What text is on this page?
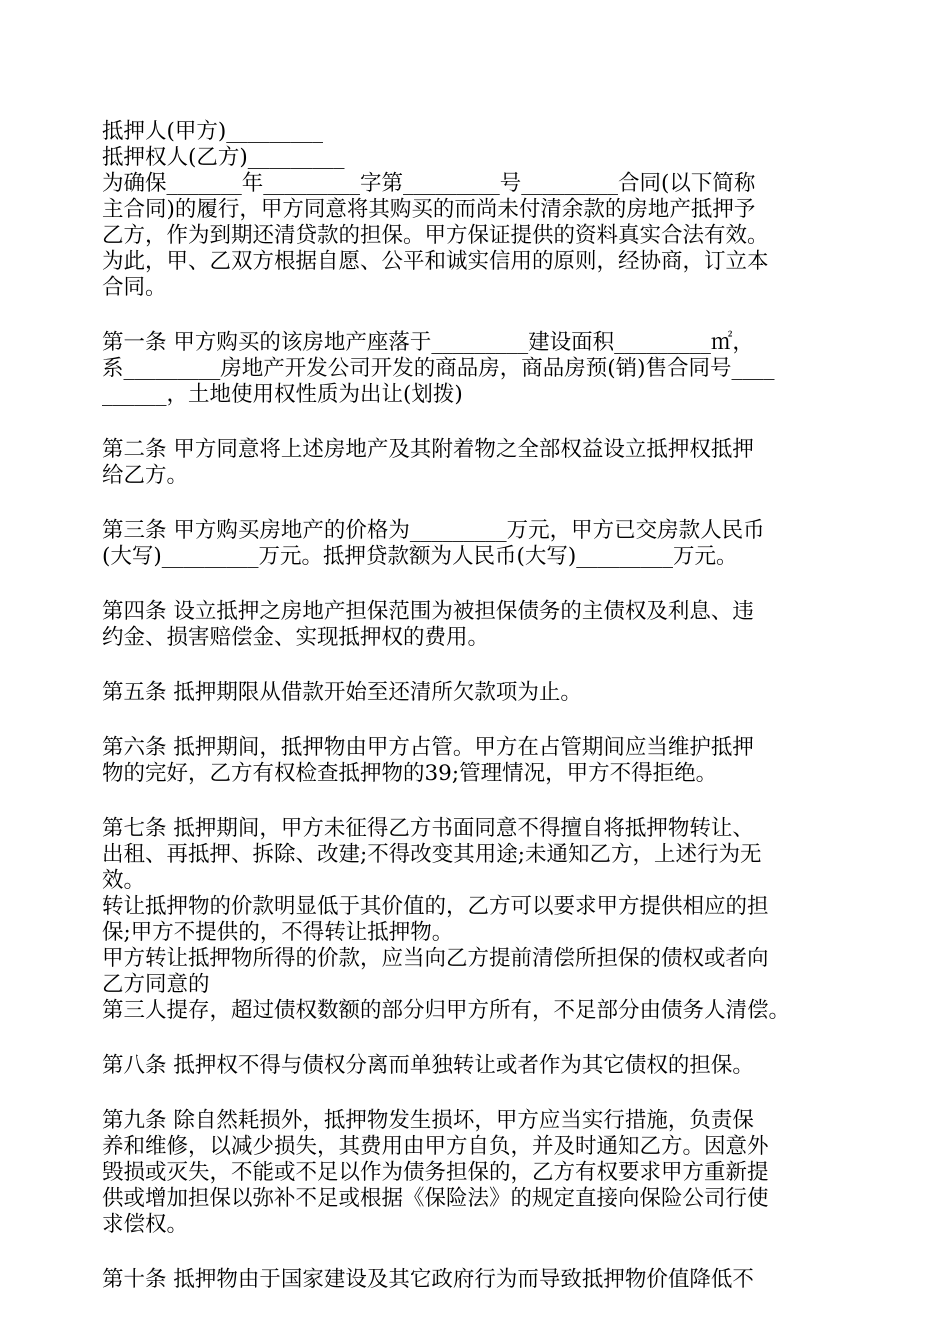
抵押人(甲方)_________
抵押权人(乙方)_________
为确保_______年_________字第_________号_________合同(以下简称
主合同)的履行，甲方同意将其购买的而尚未付清余款的房地产抵押予
乙方，作为到期还清贷款的担保。甲方保证提供的资料真实合法有效。
为此，甲、乙双方根据自愿、公平和诚实信用的原则，经协商，订立本
合同。
第一条 甲方购买的该房地产座落于_________建设面积_________㎡，
系_________房地产开发公司开发的商品房，商品房预(销)售合同号____
______，土地使用权性质为出让(划拨)
第二条 甲方同意将上述房地产及其附着物之全部权益设立抵押权抵押
给乙方。
第三条 甲方购买房地产的价格为_________万元，甲方已交房款人民币
(大写)_________万元。抵押贷款额为人民币(大写)_________万元。
第四条 设立抵押之房地产担保范围为被担保债务的主债权及利息、违
约金、损害赔偿金、实现抵押权的费用。
第五条 抵押期限从借款开始至还清所欠款项为止。
第六条 抵押期间，抵押物由甲方占管。甲方在占管期间应当维护抵押
物的完好，乙方有权检查抵押物的39;管理情况，甲方不得拒绝。
第七条 抵押期间，甲方未征得乙方书面同意不得擅自将抵押物转让、
出租、再抵押、拆除、改建;不得改变其用途;未通知乙方，上述行为无
效。
转让抵押物的价款明显低于其价值的，乙方可以要求甲方提供相应的担
保;甲方不提供的，不得转让抵押物。
甲方转让抵押物所得的价款，应当向乙方提前清偿所担保的债权或者向
乙方同意的
第三人提存，超过债权数额的部分归甲方所有，不足部分由债务人清偿。
第八条 抵押权不得与债权分离而单独转让或者作为其它债权的担保。
第九条 除自然耗损外，抵押物发生损坏，甲方应当实行措施，负责保
养和维修，以减少损失，其费用由甲方自负，并及时通知乙方。因意外
毁损或灭失，不能或不足以作为债务担保的，乙方有权要求甲方重新提
供或增加担保以弥补不足或根据《保险法》的规定直接向保险公司行使
求偿权。
第十条 抵押物由于国家建设及其它政府行为而导致抵押物价值降低不
